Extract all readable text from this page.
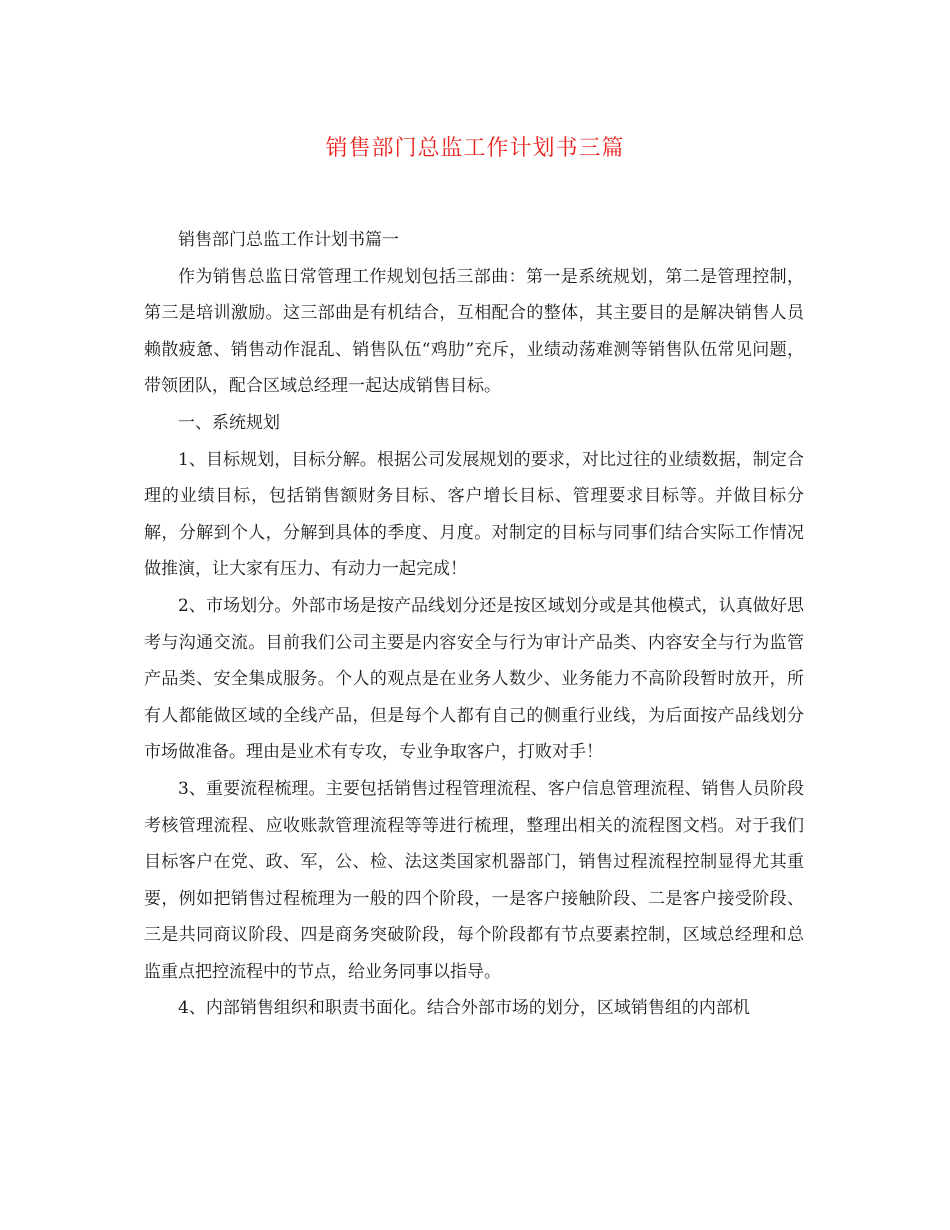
销售部门总监工作计划书三篇

销售部门总监工作计划书篇一

作为销售总监日常管理工作规划包括三部曲：第一是系统规划，第二是管理控制，第三是培训激励。这三部曲是有机结合，互相配合的整体，其主要目的是解决销售人员赖散疲惫、销售动作混乱、销售队伍“鸡肋”充斥，业绩动荡难测等销售队伍常见问题，带领团队，配合区域总经理一起达成销售目标。

一、系统规划

1、目标规划，目标分解。根据公司发展规划的要求，对比过往的业绩数据，制定合理的业绩目标，包括销售额财务目标、客户增长目标、管理要求目标等。并做目标分解，分解到个人，分解到具体的季度、月度。对制定的目标与同事们结合实际工作情况做推演，让大家有压力、有动力一起完成！

2、市场划分。外部市场是按产品线划分还是按区域划分或是其他模式，认真做好思考与沟通交流。目前我们公司主要是内容安全与行为审计产品类、内容安全与行为监管产品类、安全集成服务。个人的观点是在业务人数少、业务能力不高阶段暂时放开，所有人都能做区域的全线产品，但是每个人都有自己的侧重行业线，为后面按产品线划分市场做准备。理由是业术有专攻，专业争取客户，打败对手！

3、重要流程梳理。主要包括销售过程管理流程、客户信息管理流程、销售人员阶段考核管理流程、应收账款管理流程等等进行梳理，整理出相关的流程图文档。对于我们目标客户在党、政、军，公、检、法这类国家机器部门，销售过程流程控制显得尤其重要，例如把销售过程梳理为一般的四个阶段，一是客户接触阶段、二是客户接受阶段、三是共同商议阶段、四是商务突破阶段，每个阶段都有节点要素控制，区域总经理和总监重点把控流程中的节点，给业务同事以指导。

4、内部销售组织和职责书面化。结合外部市场的划分，区域销售组的内部机
